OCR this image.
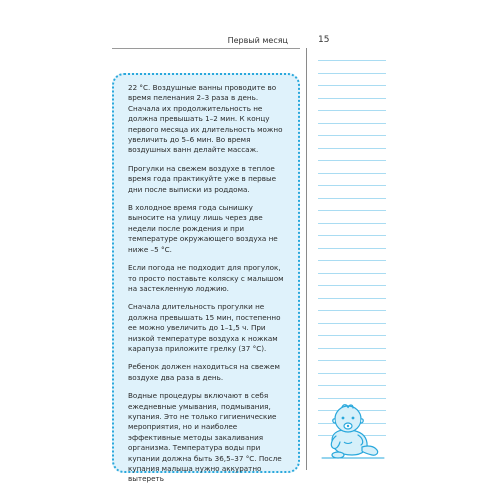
Первый месяц	15

22 °С. Воздушные ванны проводите во время пеленания 2–3 раза в день. Сначала их продолжительность не должна превышать 1–2 мин. К концу первого месяца их длительность можно увеличить до 5–6 мин. Во время воздушных ванн делайте массаж.

Прогулки на свежем воздухе в теплое время года практикуйте уже в первые дни после выписки из роддома.

В холодное время года сынишку выносите на улицу лишь через две недели после рождения и при температуре окружающего воздуха не ниже –5 °С.

Если погода не подходит для прогулок, то просто поставьте коляску с малышом на застекленную лоджию.

Сначала длительность прогулки не должна превышать 15 мин, постепенно ее можно увеличить до 1–1,5 ч. При низкой температуре воздуха к ножкам карапуза приложите грелку (37 °С).

Ребенок должен находиться на свежем воздухе два раза в день.

Водные процедуры включают в себя ежедневные умывания, подмывания, купания. Это не только гигиенические мероприятия, но и наиболее эффективные методы закаливания организма. Температура воды при купании должна быть 36,5–37 °С. После купания малыша нужно аккуратно вытереть
